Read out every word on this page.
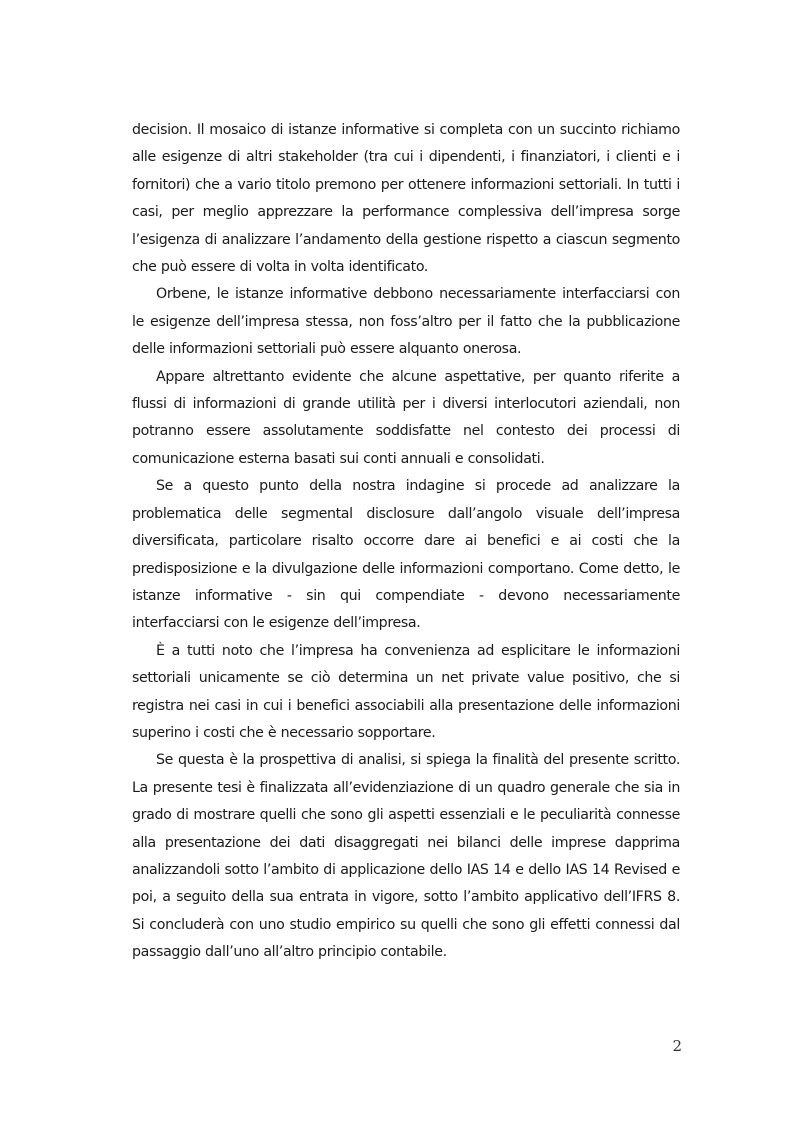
decision. Il mosaico di istanze informative si completa con un succinto richiamo alle esigenze di altri stakeholder (tra cui i dipendenti, i finanziatori, i clienti e i fornitori) che a vario titolo premono per ottenere informazioni settoriali. In tutti i casi, per meglio apprezzare la performance complessiva dell’impresa sorge l’esigenza di analizzare l’andamento della gestione rispetto a ciascun segmento che può essere di volta in volta identificato.

Orbene, le istanze informative debbono necessariamente interfacciarsi con le esigenze dell’impresa stessa, non foss’altro per il fatto che la pubblicazione delle informazioni settoriali può essere alquanto onerosa.

Appare altrettanto evidente che alcune aspettative, per quanto riferite a flussi di informazioni di grande utilità per i diversi interlocutori aziendali, non potranno essere assolutamente soddisfatte nel contesto dei processi di comunicazione esterna basati sui conti annuali e consolidati.

Se a questo punto della nostra indagine si procede ad analizzare la problematica delle segmental disclosure dall’angolo visuale dell’impresa diversificata, particolare risalto occorre dare ai benefici e ai costi che la predisposizione e la divulgazione delle informazioni comportano. Come detto, le istanze informative - sin qui compendiate - devono necessariamente interfacciarsi con le esigenze dell’impresa.

È a tutti noto che l’impresa ha convenienza ad esplicitare le informazioni settoriali unicamente se ciò determina un net private value positivo, che si registra nei casi in cui i benefici associabili alla presentazione delle informazioni superino i costi che è necessario sopportare.

Se questa è la prospettiva di analisi, si spiega la finalità del presente scritto. La presente tesi è finalizzata all’evidenziazione di un quadro generale che sia in grado di mostrare quelli che sono gli aspetti essenziali e le peculiarità connesse alla presentazione dei dati disaggregati nei bilanci delle imprese dapprima analizzandoli sotto l’ambito di applicazione dello IAS 14 e dello IAS 14 Revised e poi, a seguito della sua entrata in vigore, sotto l’ambito applicativo dell’IFRS 8. Si concluderà con uno studio empirico su quelli che sono gli effetti connessi dal passaggio dall’uno all’altro principio contabile.

2
